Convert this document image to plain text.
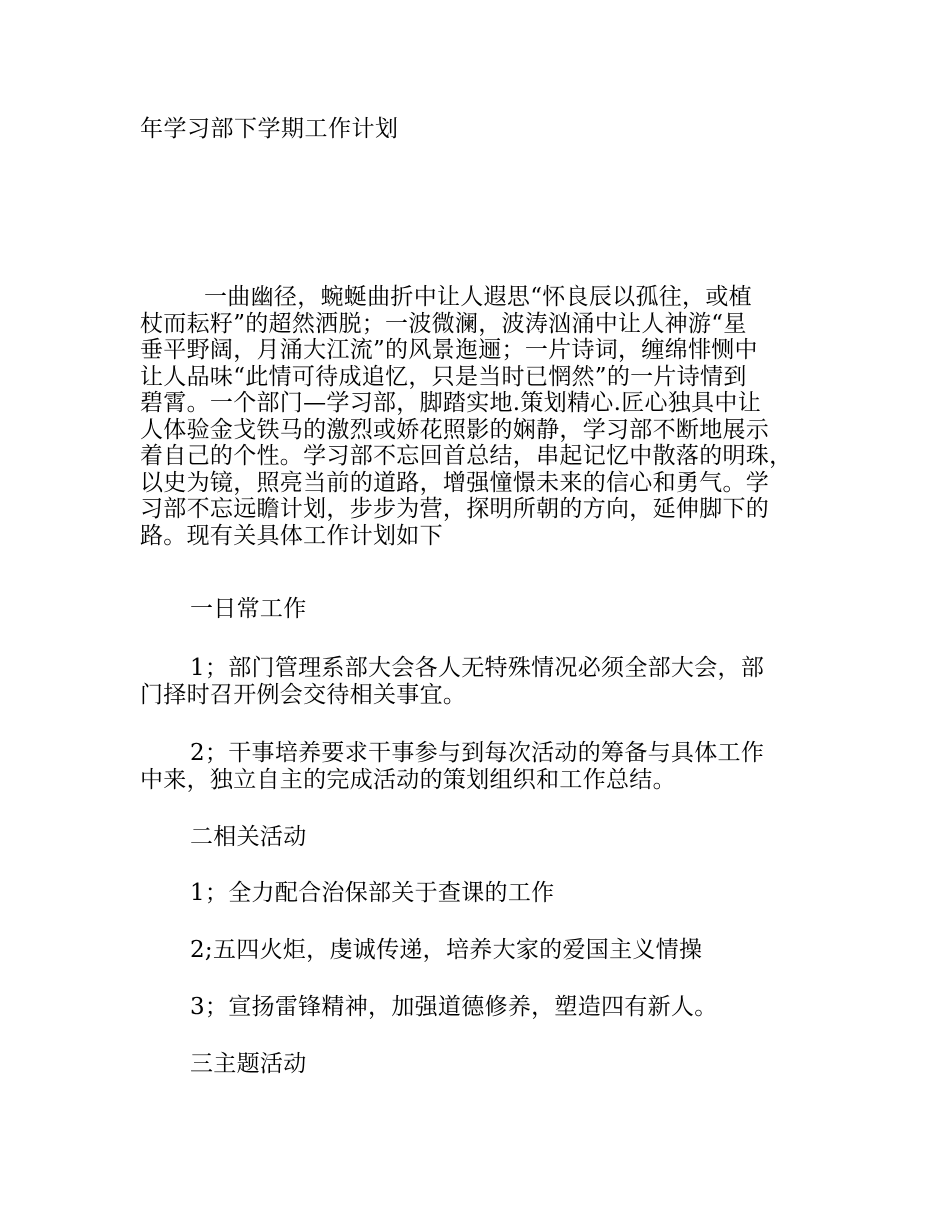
年学习部下学期工作计划

一曲幽径，蜿蜒曲折中让人遐思“怀良辰以孤往，或植
杖而耘籽”的超然洒脱；一波微澜，波涛汹涌中让人神游“星
垂平野阔，月涌大江流”的风景迤逦；一片诗词，缠绵悱恻中
让人品味“此情可待成追忆，只是当时已惘然”的一片诗情到
碧霄。一个部门—学习部，脚踏实地.策划精心.匠心独具中让
人体验金戈铁马的激烈或娇花照影的娴静，学习部不断地展示
着自己的个性。学习部不忘回首总结，串起记忆中散落的明珠，
以史为镜，照亮当前的道路，增强憧憬未来的信心和勇气。学
习部不忘远瞻计划，步步为营，探明所朝的方向，延伸脚下的
路。现有关具体工作计划如下

一日常工作

1；部门管理系部大会各人无特殊情况必须全部大会，部
门择时召开例会交待相关事宜。

2；干事培养要求干事参与到每次活动的筹备与具体工作
中来，独立自主的完成活动的策划组织和工作总结。

二相关活动

1；全力配合治保部关于查课的工作

2;五四火炬，虔诚传递，培养大家的爱国主义情操

3；宣扬雷锋精神，加强道德修养，塑造四有新人。

三主题活动
